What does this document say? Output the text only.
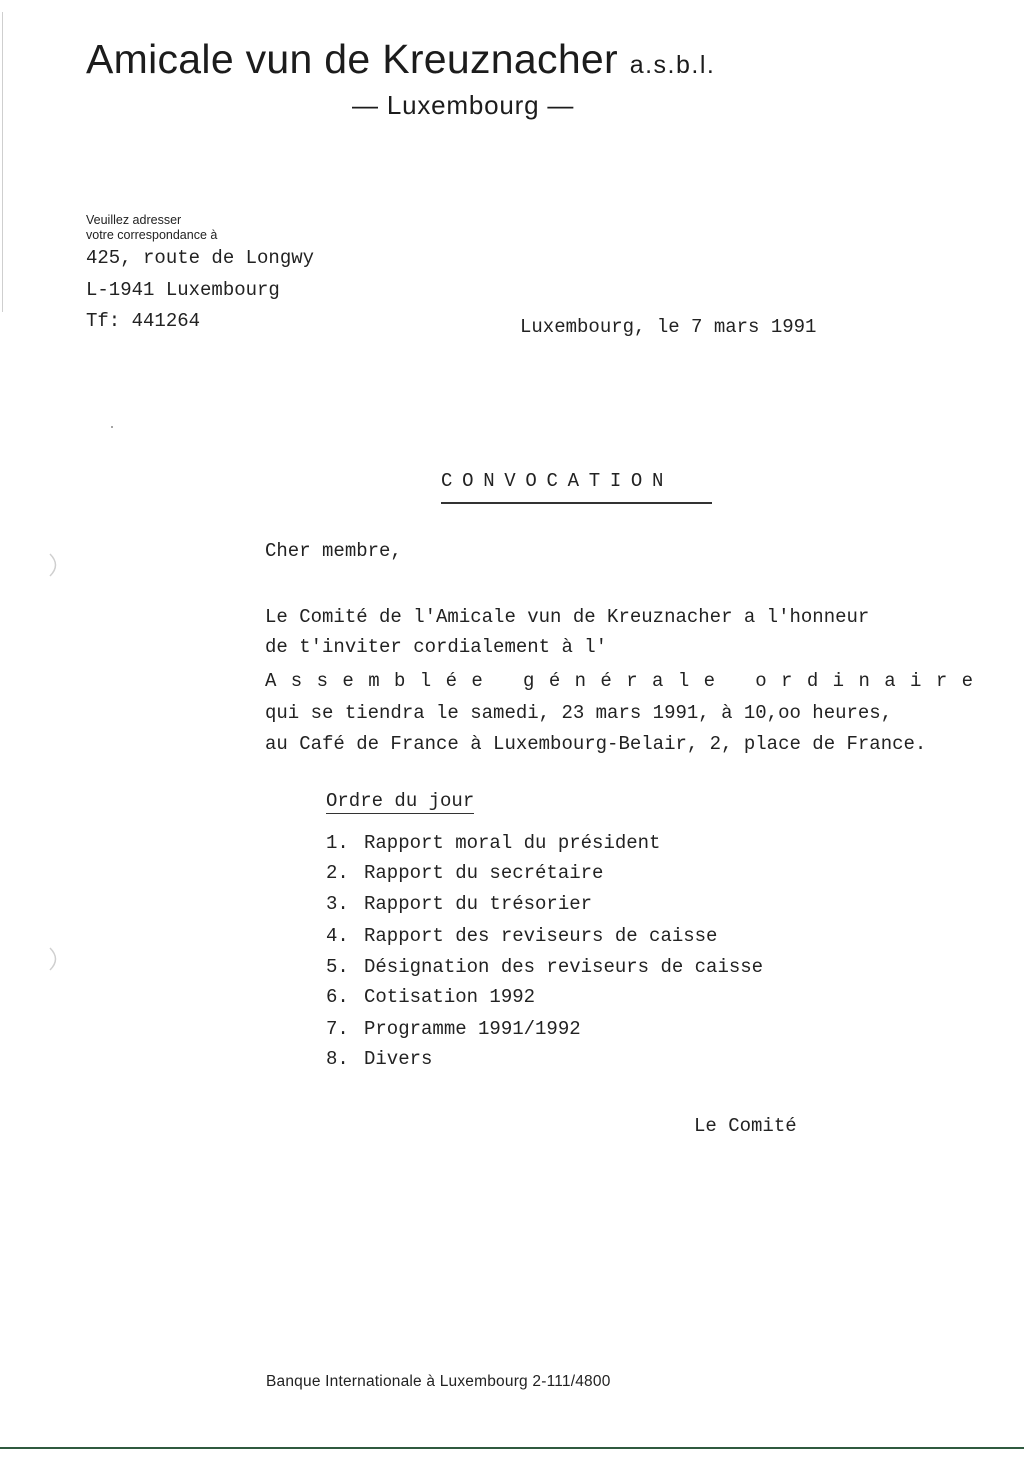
Amicale vun de Kreuznacher a.s.b.l.
— Luxembourg —
Veuillez adresser
votre correspondance à
425, route de Longwy
L-1941 Luxembourg
Tf: 441264	Luxembourg, le 7 mars 1991
CONVOCATION
Cher membre,
Le Comité de l'Amicale vun de Kreuznacher a l'honneur
de t'inviter cordialement à l'
Assemblée générale ordinaire
qui se tiendra le samedi, 23 mars 1991, à 10,oo heures,
au Café de France à Luxembourg-Belair, 2, place de France.
Ordre du jour
1. Rapport moral du président
2. Rapport du secrétaire
3. Rapport du trésorier
4. Rapport des reviseurs de caisse
5. Désignation des reviseurs de caisse
6. Cotisation 1992
7. Programme 1991/1992
8. Divers
Le Comité
Banque Internationale à Luxembourg 2-111/4800
